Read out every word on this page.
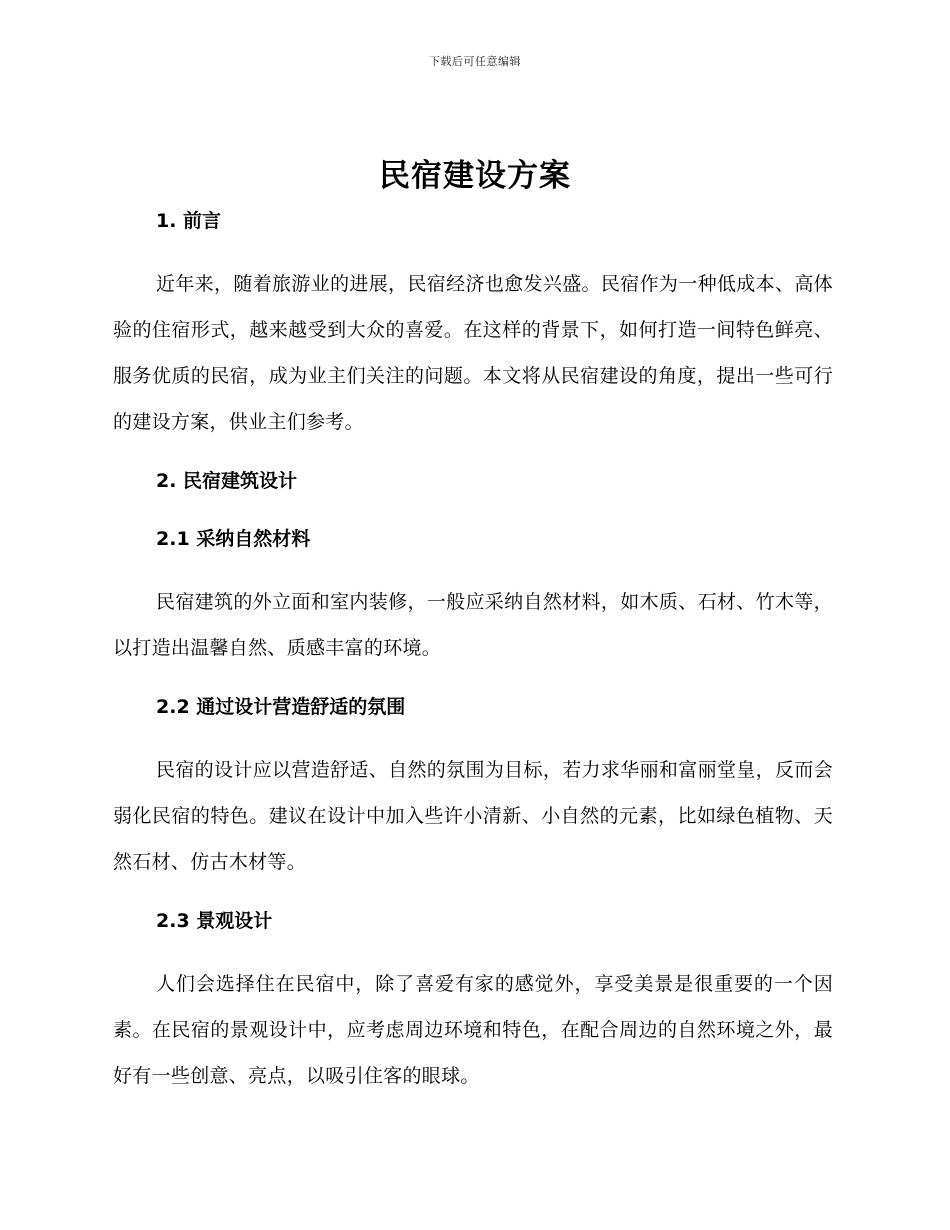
下载后可任意编辑
民宿建设方案
1. 前言

近年来，随着旅游业的进展，民宿经济也愈发兴盛。民宿作为一种低成本、高体验的住宿形式，越来越受到大众的喜爱。在这样的背景下，如何打造一间特色鲜亮、服务优质的民宿，成为业主们关注的问题。本文将从民宿建设的角度，提出一些可行的建设方案，供业主们参考。

2. 民宿建筑设计
2.1 采纳自然材料

民宿建筑的外立面和室内装修，一般应采纳自然材料，如木质、石材、竹木等，以打造出温馨自然、质感丰富的环境。

2.2 通过设计营造舒适的氛围

民宿的设计应以营造舒适、自然的氛围为目标，若力求华丽和富丽堂皇，反而会弱化民宿的特色。建议在设计中加入些许小清新、小自然的元素，比如绿色植物、天然石材、仿古木材等。

2.3 景观设计

人们会选择住在民宿中，除了喜爱有家的感觉外，享受美景是很重要的一个因素。在民宿的景观设计中，应考虑周边环境和特色，在配合周边的自然环境之外，最好有一些创意、亮点，以吸引住客的眼球。
